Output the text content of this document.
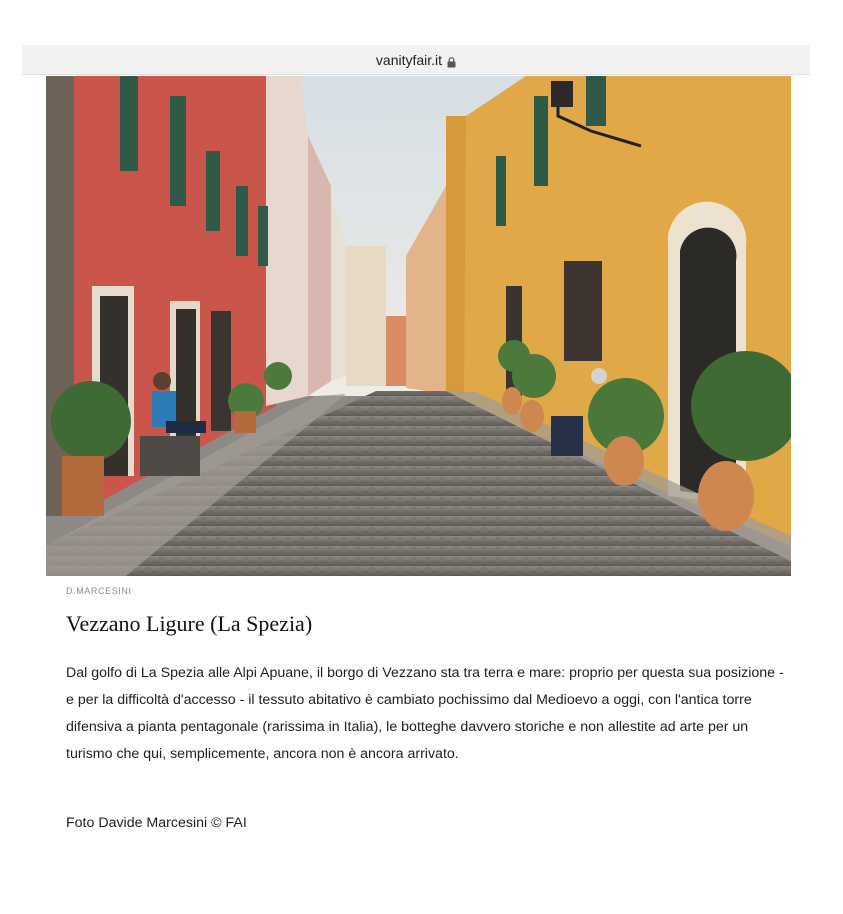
vanityfair.it
D.MARCESINI
Vezzano Ligure (La Spezia)

Dal golfo di La Spezia alle Alpi Apuane, il borgo di Vezzano sta tra terra e mare: proprio per questa sua posizione - e per la difficoltà d'accesso - il tessuto abitativo è cambiato pochissimo dal Medioevo a oggi, con l'antica torre difensiva a pianta pentagonale (rarissima in Italia), le botteghe davvero storiche e non allestite ad arte per un turismo che qui, semplicemente, ancora non è ancora arrivato.

Foto Davide Marcesini © FAI
